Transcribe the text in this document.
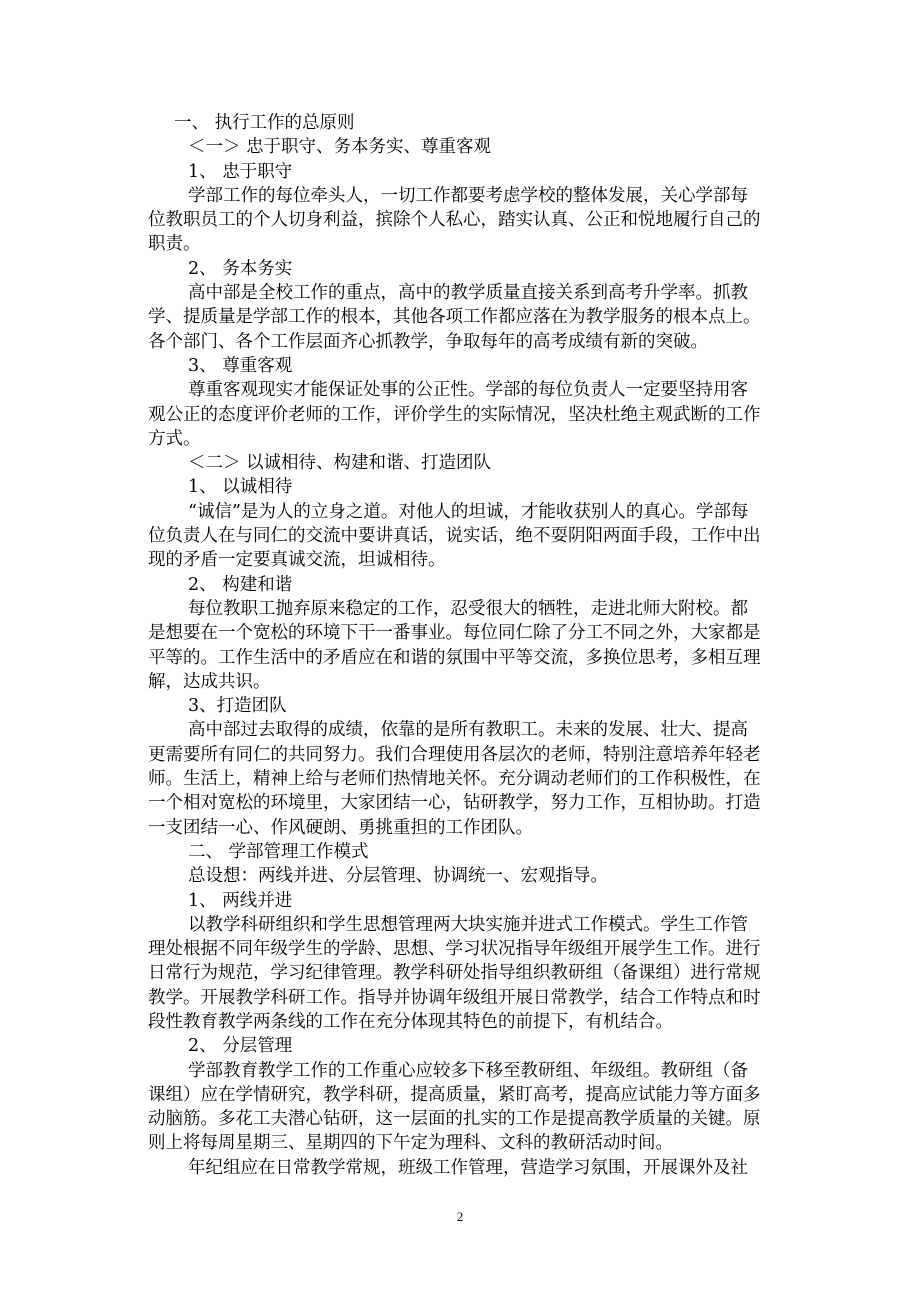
一、 执行工作的总原则
＜一＞ 忠于职守、务本务实、尊重客观
1、 忠于职守
学部工作的每位牵头人，一切工作都要考虑学校的整体发展，关心学部每
位教职员工的个人切身利益，摈除个人私心，踏实认真、公正和悦地履行自己的
职责。
2、 务本务实
高中部是全校工作的重点，高中的教学质量直接关系到高考升学率。抓教
学、提质量是学部工作的根本，其他各项工作都应落在为教学服务的根本点上。
各个部门、各个工作层面齐心抓教学，争取每年的高考成绩有新的突破。
3、 尊重客观
尊重客观现实才能保证处事的公正性。学部的每位负责人一定要坚持用客
观公正的态度评价老师的工作，评价学生的实际情况，坚决杜绝主观武断的工作
方式。
＜二＞ 以诚相待、构建和谐、打造团队
1、 以诚相待
“诚信”是为人的立身之道。对他人的坦诚，才能收获别人的真心。学部每
位负责人在与同仁的交流中要讲真话，说实话，绝不耍阴阳两面手段，工作中出
现的矛盾一定要真诚交流，坦诚相待。
2、 构建和谐
每位教职工抛弃原来稳定的工作，忍受很大的牺牲，走进北师大附校。都
是想要在一个宽松的环境下干一番事业。每位同仁除了分工不同之外，大家都是
平等的。工作生活中的矛盾应在和谐的氛围中平等交流，多换位思考，多相互理
解，达成共识。
3、打造团队
高中部过去取得的成绩，依靠的是所有教职工。未来的发展、壮大、提高
更需要所有同仁的共同努力。我们合理使用各层次的老师，特别注意培养年轻老
师。生活上，精神上给与老师们热情地关怀。充分调动老师们的工作积极性，在
一个相对宽松的环境里，大家团结一心，钻研教学，努力工作，互相协助。打造
一支团结一心、作风硬朗、勇挑重担的工作团队。
二、 学部管理工作模式
总设想：两线并进、分层管理、协调统一、宏观指导。
1、 两线并进
以教学科研组织和学生思想管理两大块实施并进式工作模式。学生工作管
理处根据不同年级学生的学龄、思想、学习状况指导年级组开展学生工作。进行
日常行为规范，学习纪律管理。教学科研处指导组织教研组（备课组）进行常规
教学。开展教学科研工作。指导并协调年级组开展日常教学，结合工作特点和时
段性教育教学两条线的工作在充分体现其特色的前提下，有机结合。
2、 分层管理
学部教育教学工作的工作重心应较多下移至教研组、年级组。教研组（备
课组）应在学情研究，教学科研，提高质量，紧盯高考，提高应试能力等方面多
动脑筋。多花工夫潜心钻研，这一层面的扎实的工作是提高教学质量的关键。原
则上将每周星期三、星期四的下午定为理科、文科的教研活动时间。
年纪组应在日常教学常规，班级工作管理，营造学习氛围，开展课外及社
2
